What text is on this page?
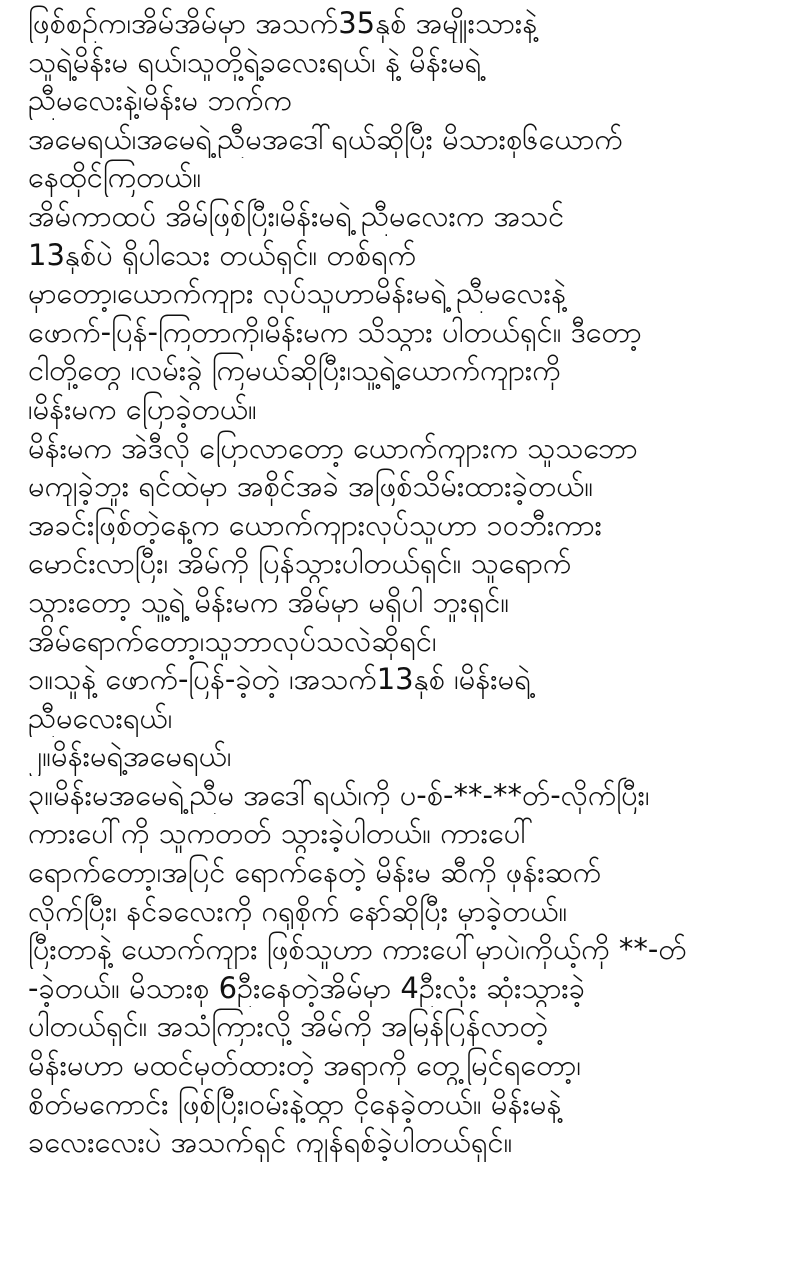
ဖြစ်စဉ်က၊အိမ်အိမ်မှာ အသက်35နှစ် အမျိုးသားနဲ့
သူရဲ့မိန်းမ ရယ်၊သူတို့ရဲ့ခလေးရယ်၊ နဲ့ မိန်းမရဲ့
ညီမလေးနဲ့၊မိန်းမ ဘက်က
အမေရယ်၊အမေရဲ့ညီမအဒေါ်ရယ်ဆိုပြီး မိသားစု၆ယောက်
နေထိုင်ကြတယ်။
အိမ်ကာထပ် အိမ်ဖြစ်ပြီး၊မိန်းမရဲ့ ညီမလေးက အသင်
13နှစ်ပဲ ရှိပါသေး တယ်ရှင်။ တစ်ရက်
မှာတော့၊ယောက်ကျား လုပ်သူဟာမိန်းမရဲ့ ညီမလေးနဲ့
ဖောက်-ပြန်-ကြတာကို၊မိန်းမက သိသွား ပါတယ်ရှင်။ ဒီတော့
ငါတို့တွေ ၊လမ်းခွဲ ကြမယ်ဆိုပြီး၊သူ့ရဲ့ယောက်ကျားကို
၊မိန်းမက ပြောခဲ့တယ်။
မိန်းမက အဲဒီလို ပြောလာတော့ ယောက်ကျားက သူသဘော
မကျခဲ့ဘူး ရင်ထဲမှာ အစိုင်အခဲ အဖြစ်သိမ်းထားခဲ့တယ်။
အခင်းဖြစ်တဲ့နေ့က ယောက်ကျားလုပ်သူဟာ ၁၀ဘီးကား
မောင်းလာပြီး၊ အိမ်ကို ပြန်သွားပါတယ်ရှင်။ သူရောက်
သွားတော့ သူ့ရဲ့ မိန်းမက အိမ်မှာ မရှိပါ ဘူးရှင်။
အိမ်ရောက်တော့၊သူဘာလုပ်သလဲဆိုရင်၊
၁။သူနဲ့ ဖောက်-ပြန်-ခဲ့တဲ့ ၊အသက်13နှစ် ၊မိန်းမရဲ့
ညီမလေးရယ်၊
၂။မိန်းမရဲ့အမေရယ်၊
၃။မိန်းမအမေရဲ့ညီမ အဒေါ်ရယ်၊ကို ပ-စ်-**-**တ်-လိုက်ပြီး၊
ကားပေါ်ကို သူကတတ် သွားခဲ့ပါတယ်။ ကားပေါ်
ရောက်တော့၊အပြင် ရောက်နေတဲ့ မိန်းမ ဆီကို ဖုန်းဆက်
လိုက်ပြီး၊ နင်ခလေးကို ဂရုစိုက် နော်ဆိုပြီး မှာခဲ့တယ်။
ပြီးတာနဲ့ ယောက်ကျား ဖြစ်သူဟာ ကားပေါ်မှာပဲ၊ကိုယ့်ကို **-တ်
-ခဲ့တယ်။ မိသားစု 6ဦးနေတဲ့အိမ်မှာ 4ဦးလုံး ဆုံးသွားခဲ့
ပါတယ်ရှင်။ အသံကြားလို့ အိမ်ကို အမြန်ပြန်လာတဲ့
မိန်းမဟာ မထင်မှတ်ထားတဲ့ အရာကို တွေ့မြင်ရတော့၊
စိတ်မကောင်း ဖြစ်ပြီး၊ဝမ်းနဲ့ထွာ ငိုနေခဲ့တယ်။ မိန်းမနဲ့
ခလေးလေးပဲ အသက်ရှင် ကျန်ရစ်ခဲ့ပါတယ်ရှင်။
